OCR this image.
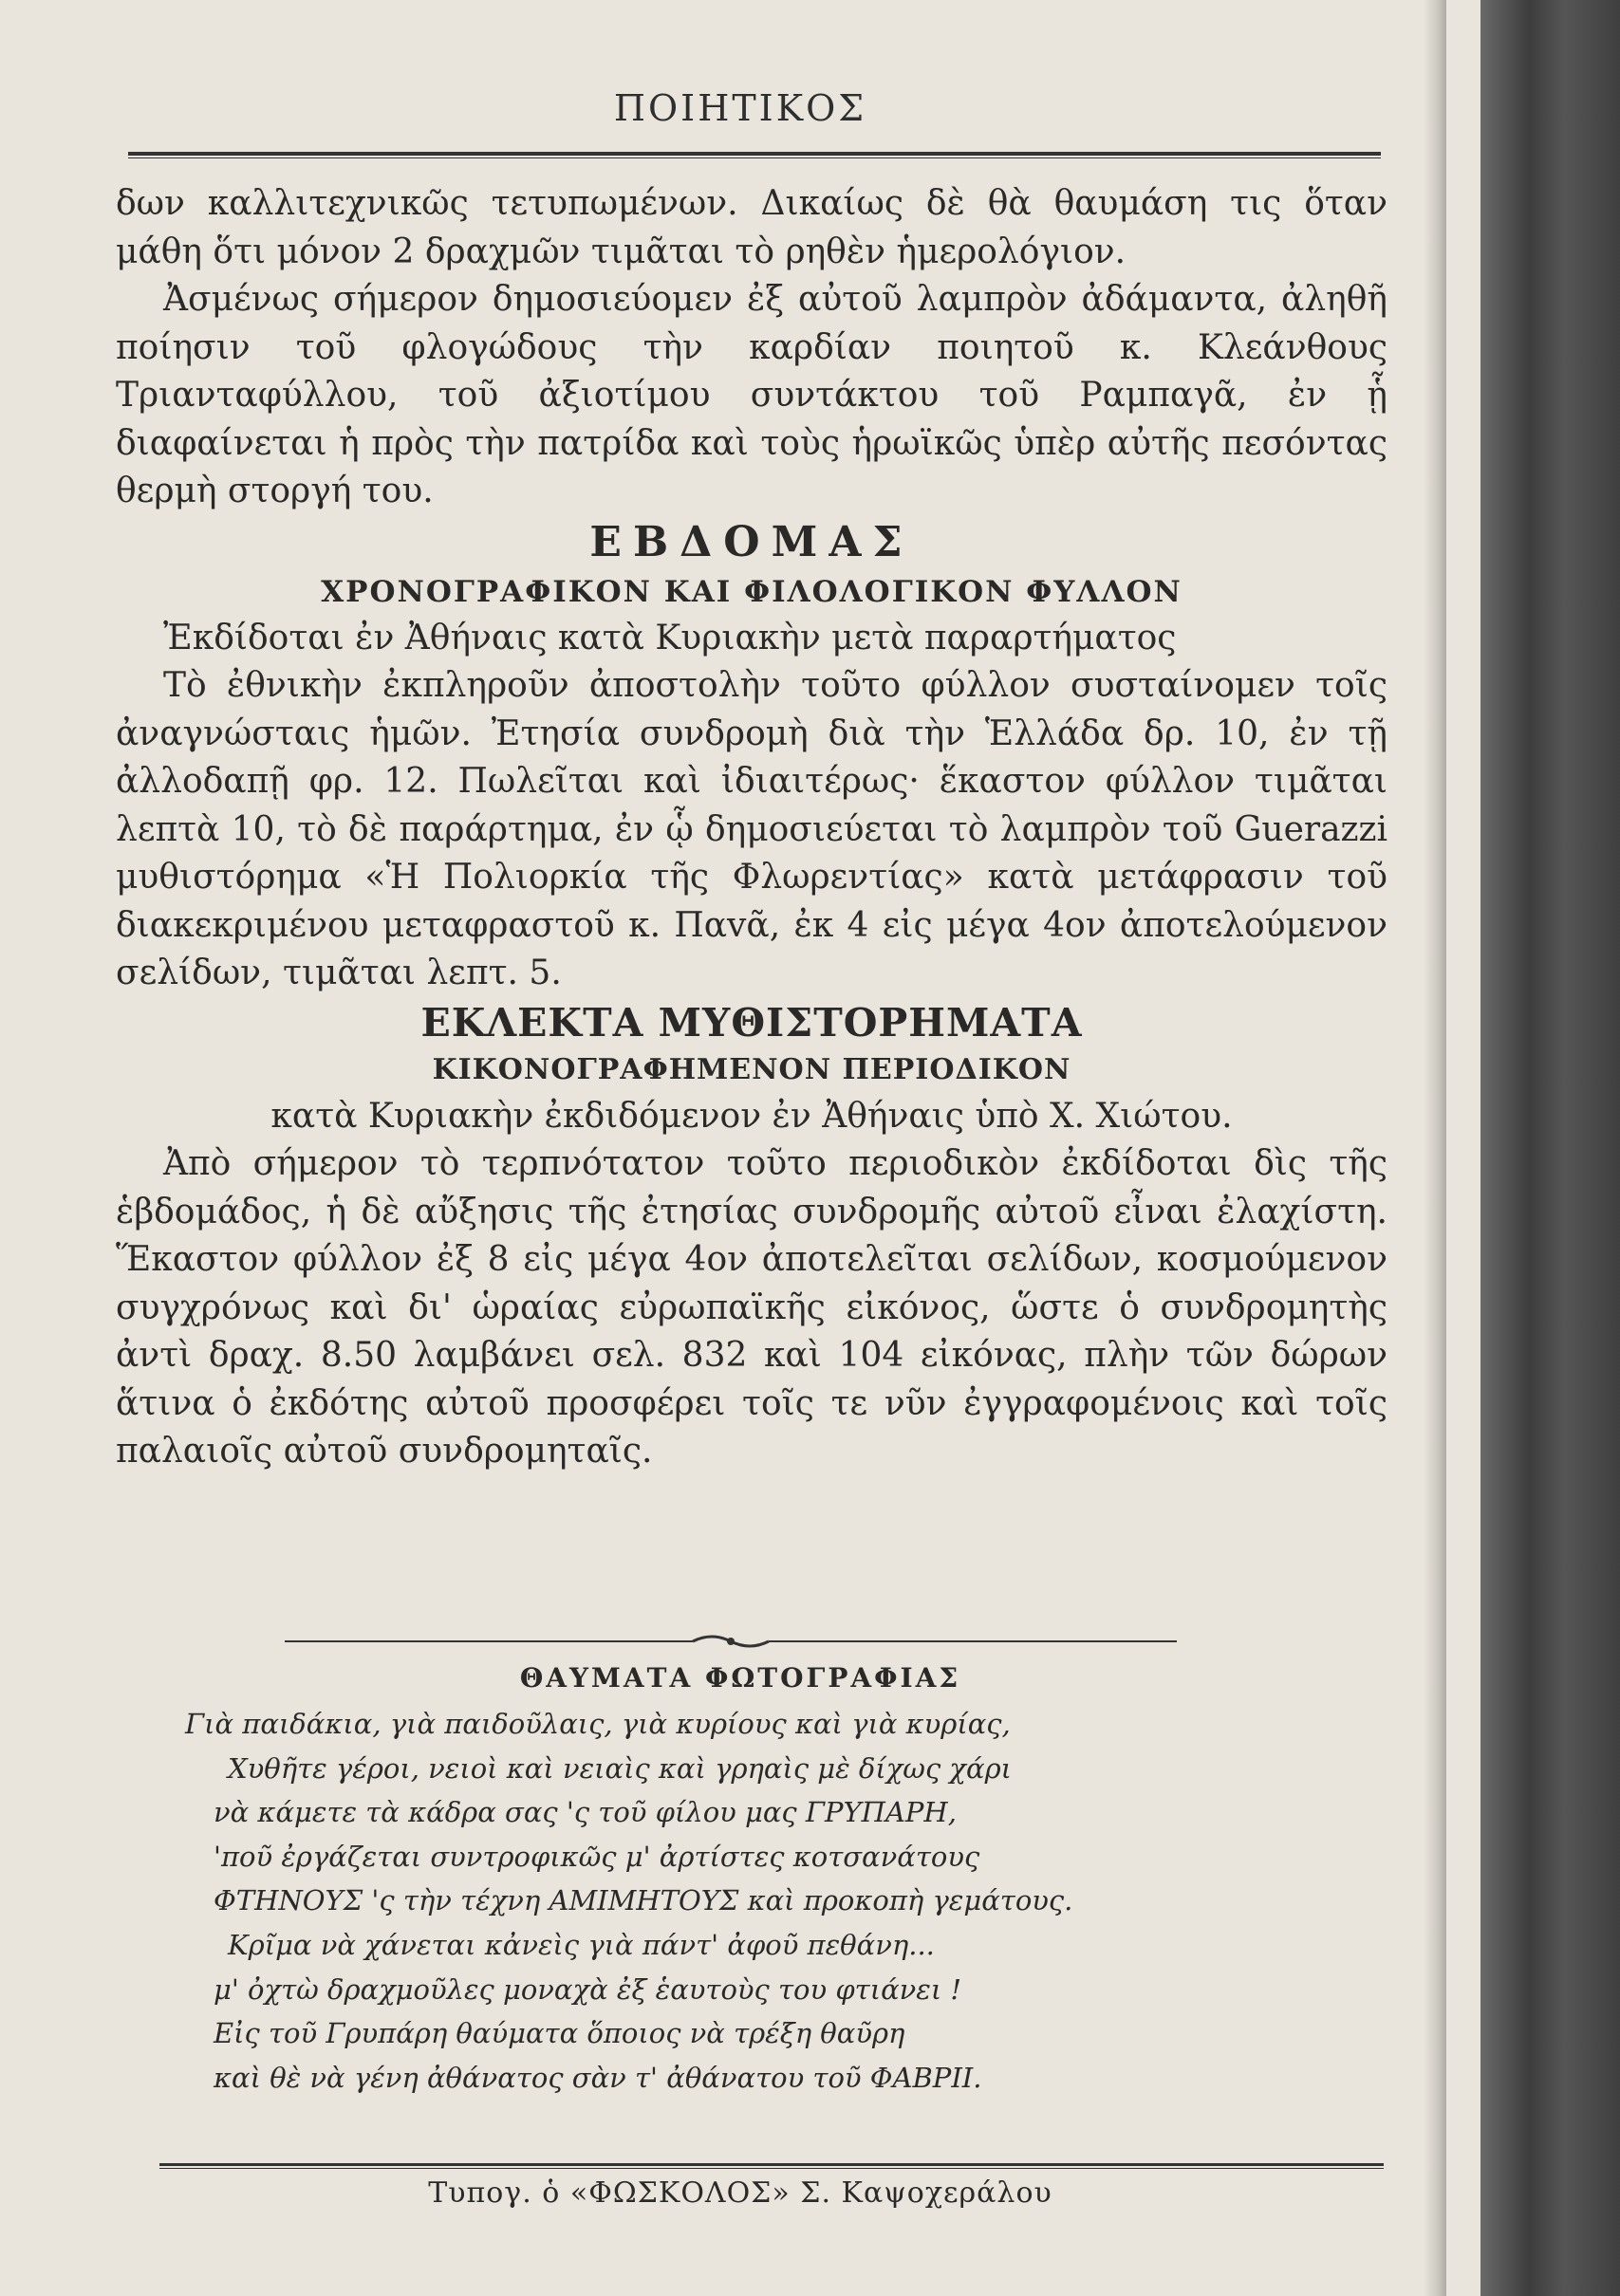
ΠΟΙΗΤΙΚΟΣ

δων καλλιτεχνικῶς τετυπωμένων. Δικαίως δὲ θὰ θαυμάση τις ὅταν μάθη ὅτι μόνον 2 δραχμῶν τιμᾶται τὸ ρηθὲν ἡμερολόγιον.

Ἀσμένως σήμερον δημοσιεύομεν ἐξ αὐτοῦ λαμπρὸν ἀδάμαντα, ἀληθῆ ποίησιν τοῦ φλογώδους τὴν καρδίαν ποιητοῦ κ. Κλεάνθους Τριανταφύλλου, τοῦ ἀξιοτίμου συντάκτου τοῦ Ραμπαγᾶ, ἐν ᾗ διαφαίνεται ἡ πρὸς τὴν πατρίδα καὶ τοὺς ἡρωϊκῶς ὑπὲρ αὐτῆς πεσόντας θερμὴ στοργή του.

ΕΒΔΟΜΑΣ

ΧΡΟΝΟΓΡΑΦΙΚΟΝ ΚΑΙ ΦΙΛΟΛΟΓΙΚΟΝ ΦΥΛΛΟΝ

Ἐκδίδοται ἐν Ἀθήναις κατὰ Κυριακὴν μετὰ παραρτήματος

Τὸ ἐθνικὴν ἐκπληροῦν ἀποστολὴν τοῦτο φύλλον συσταίνομεν τοῖς ἀναγνώσταις ἡμῶν. Ἐτησία συνδρομὴ διὰ τὴν Ἑλλάδα δρ. 10, ἐν τῇ ἀλλοδαπῇ φρ. 12. Πωλεῖται καὶ ἰδιαιτέρως· ἕκαστον φύλλον τιμᾶται λεπτὰ 10, τὸ δὲ παράρτημα, ἐν ᾧ δημοσιεύεται τὸ λαμπρὸν τοῦ Guerazzi μυθιστόρημα «Ἡ Πολιορκία τῆς Φλωρεντίας» κατὰ μετάφρασιν τοῦ διακεκριμένου μεταφραστοῦ κ. Παvᾶ, ἐκ 4 εἰς μέγα 4ον ἀποτελούμενον σελίδων, τιμᾶται λεπτ. 5.

ΕΚΛΕΚΤΑ ΜΥΘΙΣΤΟΡΗΜΑΤΑ

ΚΙΚΟΝΟΓΡΑΦΗΜΕΝΟΝ ΠΕΡΙΟΔΙΚΟΝ

κατὰ Κυριακὴν ἐκδιδόμενον ἐν Ἀθήναις ὑπὸ Χ. Χιώτου.

Ἀπὸ σήμερον τὸ τερπνότατον τοῦτο περιοδικὸν ἐκδίδοται δὶς τῆς ἑβδομάδος, ἡ δὲ αὔξησις τῆς ἐτησίας συνδρομῆς αὐτοῦ εἶναι ἐλαχίστη. Ἕκαστον φύλλον ἐξ 8 εἰς μέγα 4ον ἀποτελεῖται σελίδων, κοσμούμενον συγχρόνως καὶ δι' ὡραίας εὐρωπαϊκῆς εἰκόνος, ὥστε ὁ συνδρομητὴς ἀντὶ δραχ. 8.50 λαμβάνει σελ. 832 καὶ 104 εἰκόνας, πλὴν τῶν δώρων ἅτινα ὁ ἐκδότης αὐτοῦ προσφέρει τοῖς τε νῦν ἐγγραφομένοις καὶ τοῖς παλαιοῖς αὐτοῦ συνδρομηταῖς.

ΘΑΥΜΑΤΑ ΦΩΤΟΓΡΑΦΙΑΣ
Γιὰ παιδάκια, γιὰ παιδοῦλαις, γιὰ κυρίους καὶ γιὰ κυρίας,
Χυθῆτε γέροι, νειοὶ καὶ νειαὶς καὶ γρηαὶς μὲ δίχως χάρι
νὰ κάμετε τὰ κάδρα σας 'ς τοῦ φίλου μας ΓΡΥΠΑΡΗ,
'ποῦ ἐργάζεται συντροφικῶς μ' ἀρτίστες κοτσανάτους
ΦΤΗΝΟΥΣ 'ς τὴν τέχνη ΑΜΙΜΗΤΟΥΣ καὶ προκοπὴ γεμάτους.
Κρῖμα νὰ χάνεται κἀνεὶς γιὰ πάντ' ἀφοῦ πεθάνη...
μ' ὀχτὼ δραχμοῦλες μοναχὰ ἐξ ἑαυτοὺς του φτιάνει !
Εἰς τοῦ Γρυπάρη θαύματα ὅποιος νὰ τρέξη θαῦρη
καὶ θὲ νὰ γένη ἀθάνατος σὰν τ' ἀθάνατου τοῦ ΦΑΒΡΙΙ.
Τυπογ. ὁ «ΦΩΣΚΟΛΟΣ» Σ. Καψοχεράλου
